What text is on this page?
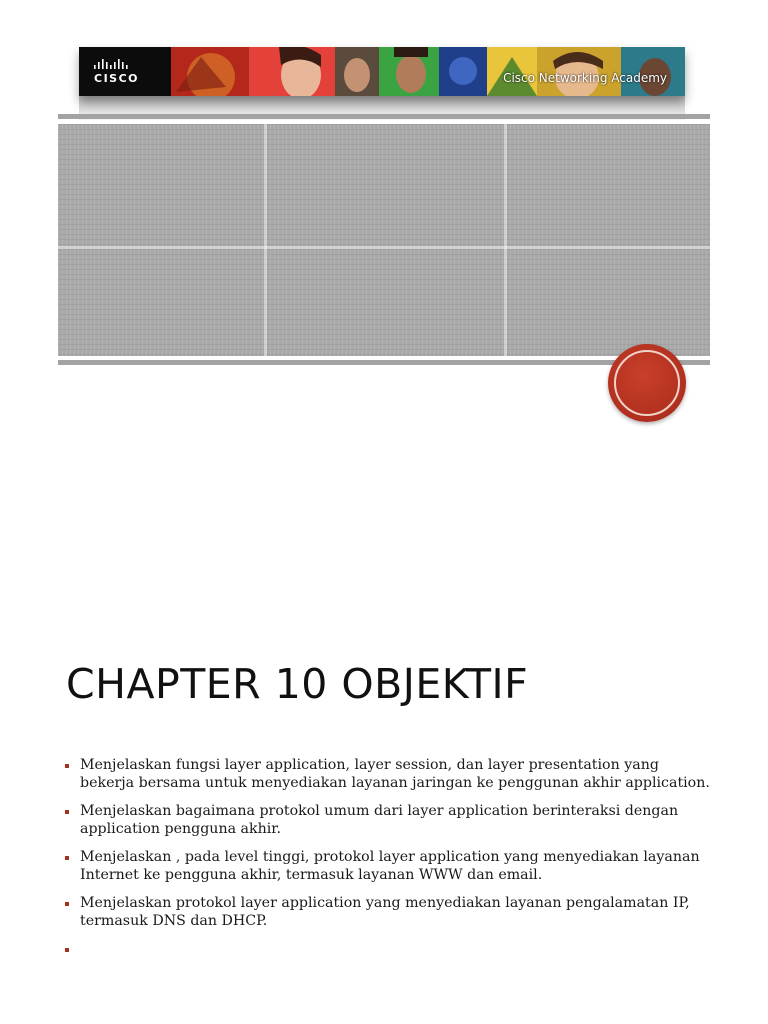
CISCO	Cisco Networking Academy
CHAPTER 10 OBJEKTIF
Menjelaskan fungsi layer application, layer session, dan layer presentation yang bekerja bersama untuk menyediakan layanan jaringan ke penggunan akhir application.
Menjelaskan bagaimana protokol umum dari layer application berinteraksi dengan application pengguna akhir.
Menjelaskan , pada level tinggi, protokol layer application yang menyediakan layanan Internet ke pengguna akhir, termasuk layanan WWW dan email.
Menjelaskan protokol layer application yang menyediakan layanan pengalamatan IP, termasuk DNS dan DHCP.
